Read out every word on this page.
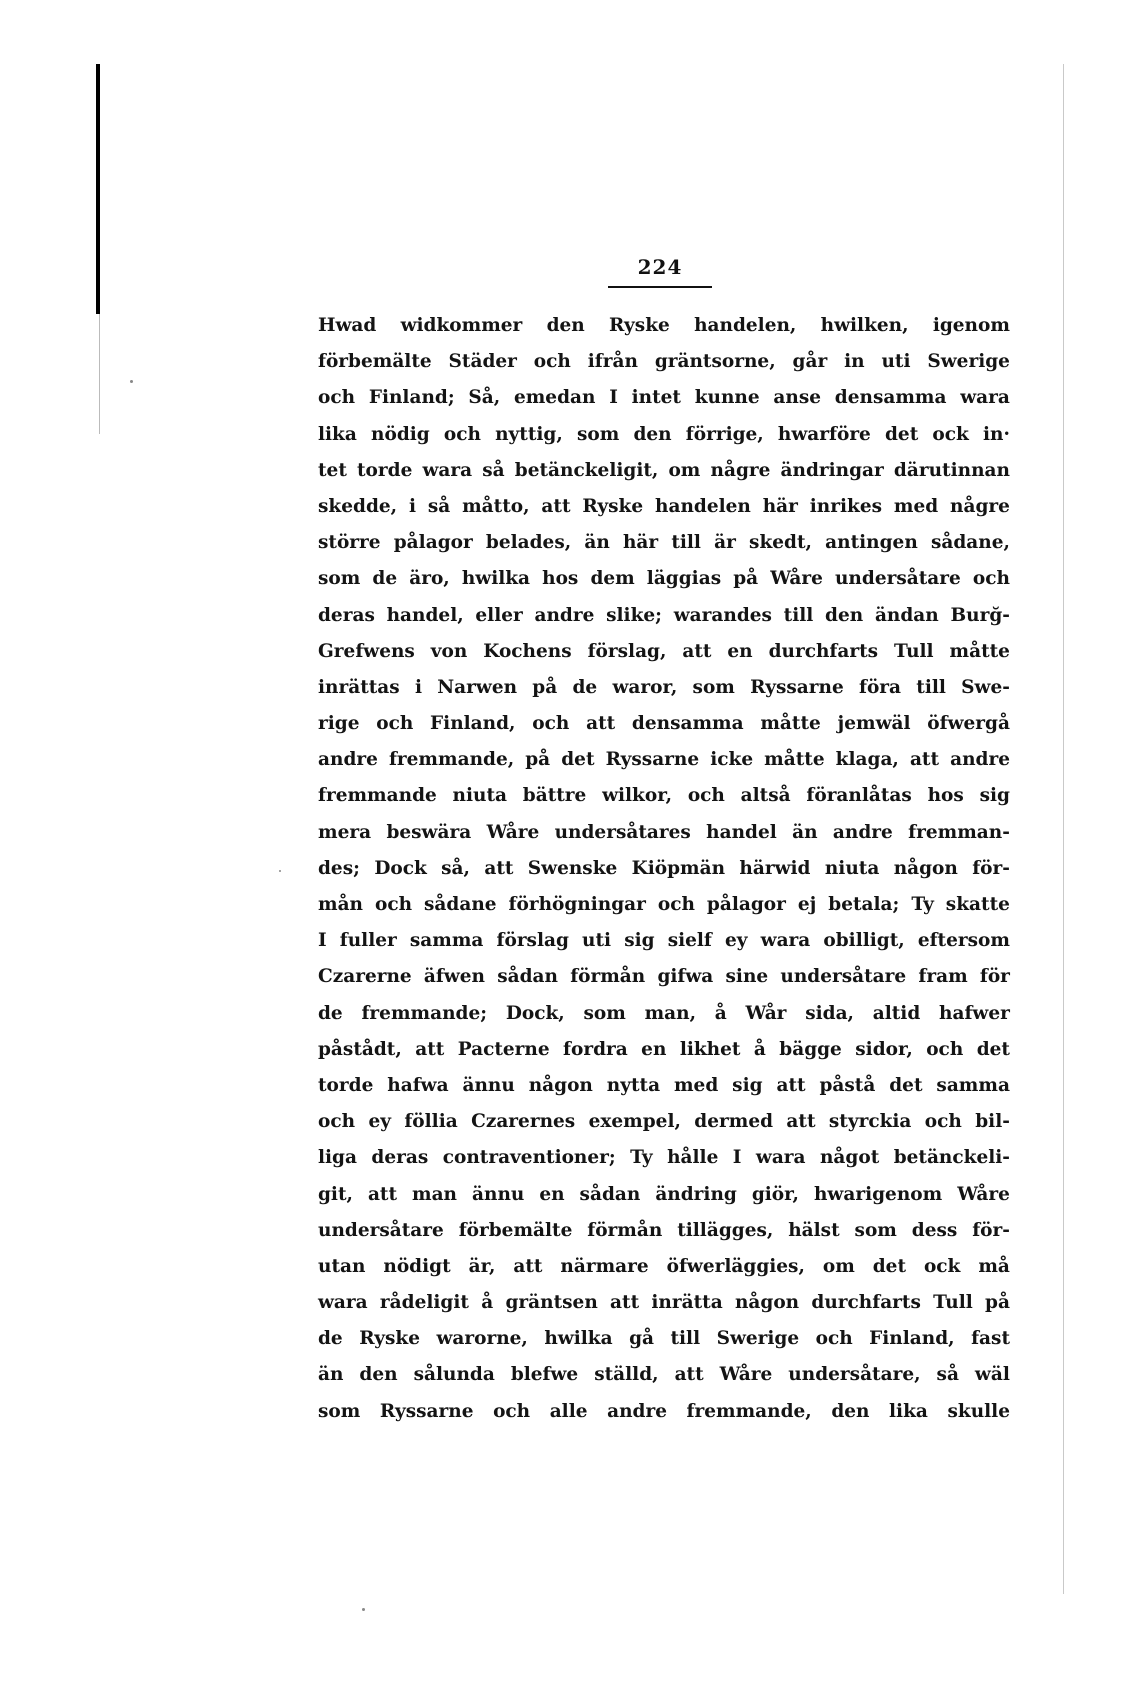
224
Hwad widkommer den Ryske handelen, hwilken, igenom
förbemälte Städer och ifrån gräntsorne, går in uti Swerige
och Finland; Så, emedan I intet kunne anse densamma wara
lika nödig och nyttig, som den förrige, hwarföre det ock in·
tet torde wara så betänckeligit, om någre ändringar därutinnan
skedde, i så måtto, att Ryske handelen här inrikes med någre
större pålagor belades, än här till är skedt, antingen sådane,
som de äro, hwilka hos dem läggias på Wåre undersåtare och
deras handel, eller andre slike; warandes till den ändan Burğ-
Grefwens von Kochens förslag, att en durchfarts Tull måtte
inrättas i Narwen på de waror, som Ryssarne föra till Swe-
rige och Finland, och att densamma måtte jemwäl öfwergå
andre fremmande, på det Ryssarne icke måtte klaga, att andre
fremmande niuta bättre wilkor, och altså föranlåtas hos sig
mera beswära Wåre undersåtares handel än andre fremman-
des; Dock så, att Swenske Kiöpmän härwid niuta någon för-
mån och sådane förhögningar och pålagor ej betala; Ty skatte
I fuller samma förslag uti sig sielf ey wara obilligt, eftersom
Czarerne äfwen sådan förmån gifwa sine undersåtare fram för
de fremmande; Dock, som man, å Wår sida, altid hafwer
påstådt, att Pacterne fordra en likhet å bägge sidor, och det
torde hafwa ännu någon nytta med sig att påstå det samma
och ey föllia Czarernes exempel, dermed att styrckia och bil-
liga deras contraventioner; Ty hålle I wara något betänckeli-
git, att man ännu en sådan ändring giör, hwarigenom Wåre
undersåtare förbemälte förmån tillägges, hälst som dess för-
utan nödigt är, att närmare öfwerläggies, om det ock må
wara rådeligit å gräntsen att inrätta någon durchfarts Tull på
de Ryske warorne, hwilka gå till Swerige och Finland, fast
än den sålunda blefwe ställd, att Wåre undersåtare, så wäl
som Ryssarne och alle andre fremmande, den lika skulle
